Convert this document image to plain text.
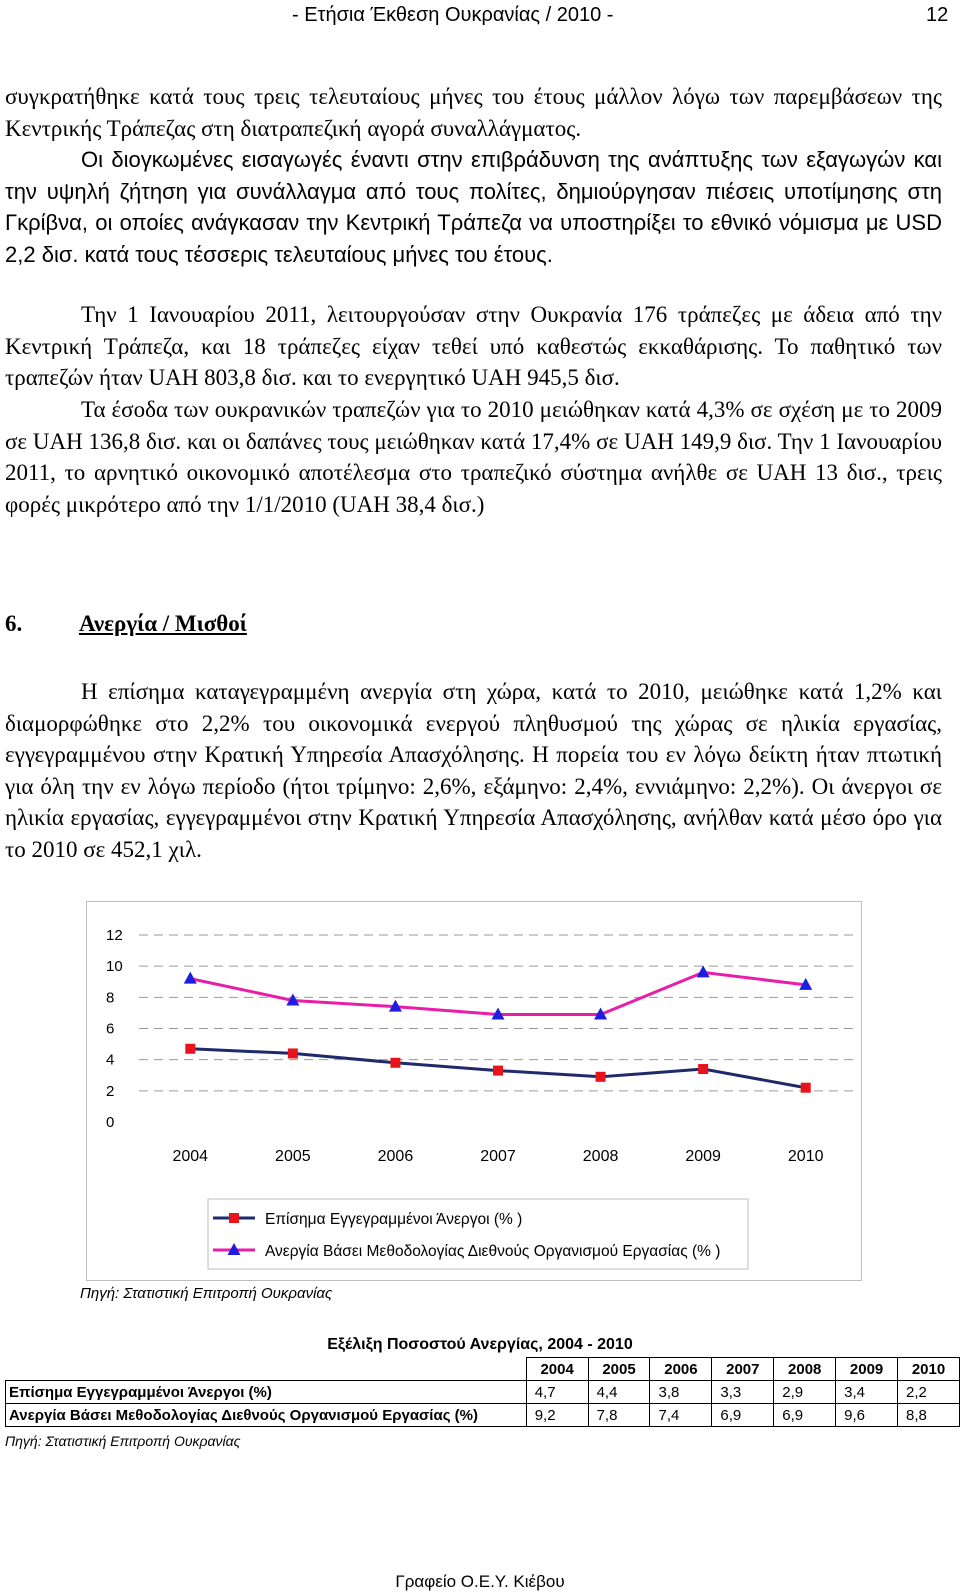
- Ετήσια Έκθεση Ουκρανίας / 2010 -	12

συγκρατήθηκε κατά τους τρεις τελευταίους μήνες του έτους μάλλον λόγω των παρεμβάσεων της Κεντρικής Τράπεζας στη διατραπεζική αγορά συναλλάγματος.

Οι διογκωμένες εισαγωγές έναντι στην επιβράδυνση της ανάπτυξης των εξαγωγών και την υψηλή ζήτηση για συνάλλαγμα από τους πολίτες, δημιούργησαν πιέσεις υποτίμησης στη Γκρίβνα, οι οποίες ανάγκασαν την Κεντρική Τράπεζα να υποστηρίξει το εθνικό νόμισμα με USD 2,2 δισ. κατά τους τέσσερις τελευταίους μήνες του έτους.

Την 1 Ιανουαρίου 2011, λειτουργούσαν στην Ουκρανία 176 τράπεζες με άδεια από την Κεντρική Τράπεζα, και 18 τράπεζες είχαν τεθεί υπό καθεστώς εκκαθάρισης. Το παθητικό των τραπεζών ήταν UAH 803,8 δισ. και το ενεργητικό UAH 945,5 δισ.

Τα έσοδα των ουκρανικών τραπεζών για το 2010 μειώθηκαν κατά 4,3% σε σχέση με το 2009 σε UAH 136,8 δισ. και οι δαπάνες τους μειώθηκαν κατά 17,4% σε UAH 149,9 δισ. Την 1 Ιανουαρίου 2011, το αρνητικό οικονομικό αποτέλεσμα στο τραπεζικό σύστημα ανήλθε σε UAH 13 δισ., τρεις φορές μικρότερο από την 1/1/2010 (UAH 38,4 δισ.)

6. Ανεργία / Μισθοί

Η επίσημα καταγεγραμμένη ανεργία στη χώρα, κατά το 2010, μειώθηκε κατά 1,2% και διαμορφώθηκε στο 2,2% του οικονομικά ενεργού πληθυσμού της χώρας σε ηλικία εργασίας, εγγεγραμμένου στην Κρατική Υπηρεσία Απασχόλησης. Η πορεία του εν λόγω δείκτη ήταν πτωτική για όλη την εν λόγω περίοδο (ήτοι τρίμηνο: 2,6%, εξάμηνο: 2,4%, εννιάμηνο: 2,2%). Οι άνεργοι σε ηλικία εργασίας, εγγεγραμμένοι στην Κρατική Υπηρεσία Απασχόλησης, ανήλθαν κατά μέσο όρο για το 2010 σε 452,1 χιλ.

0
2
4
6
8
10
12
2004	2005	2006	2007	2008	2009	2010
Επίσημα Εγγεγραμμένοι Άνεργοι (% )
Ανεργία Βάσει Μεθοδολογίας Διεθνούς Οργανισμού Εργασίας (% )
Πηγή: Στατιστική Επιτροπή Ουκρανίας
Εξέλιξη Ποσοστού Ανεργίας, 2004 - 2010
	2004	2005	2006	2007	2008	2009	2010
Επίσημα Εγγεγραμμένοι Άνεργοι (%)	4,7	4,4	3,8	3,3	2,9	3,4	2,2
Ανεργία Βάσει Μεθοδολογίας Διεθνούς Οργανισμού Εργασίας (%)	9,2	7,8	7,4	6,9	6,9	9,6	8,8
Πηγή: Στατιστική Επιτροπή Ουκρανίας
Γραφείο Ο.Ε.Υ. Κιέβου
